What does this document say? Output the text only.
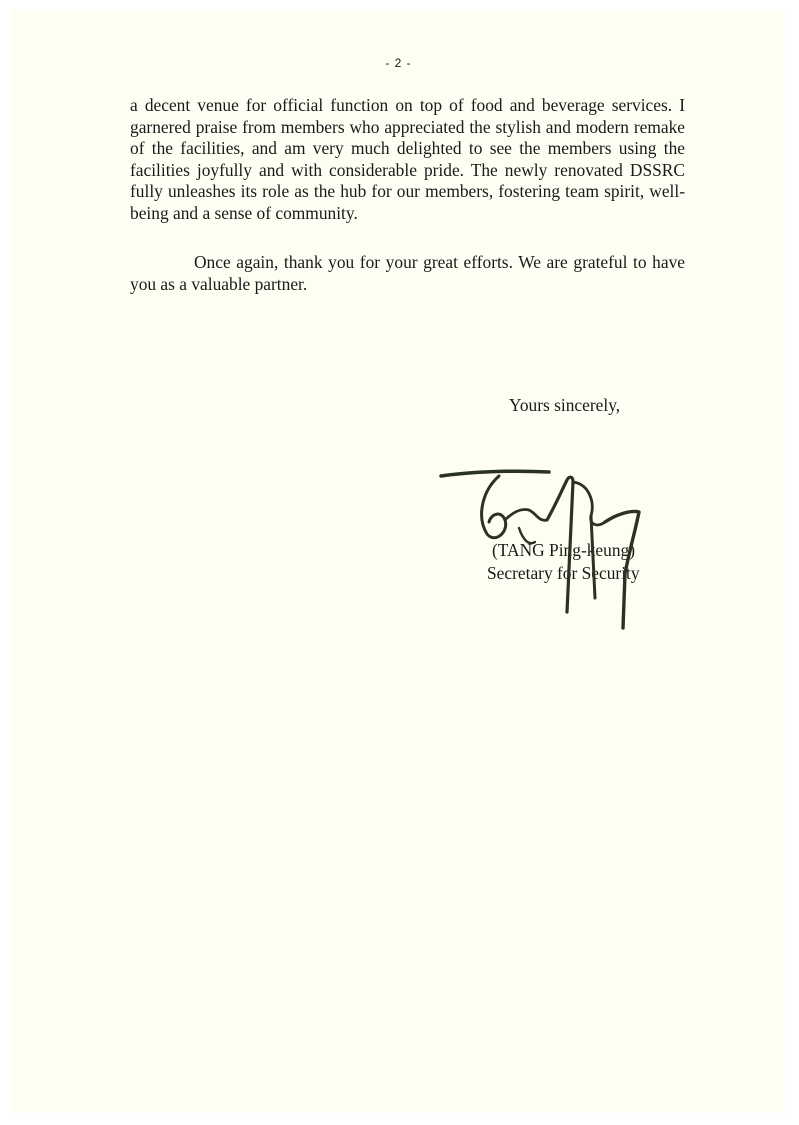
- 2 -

a decent venue for official function on top of food and beverage services. I garnered praise from members who appreciated the stylish and modern remake of the facilities, and am very much delighted to see the members using the facilities joyfully and with considerable pride. The newly renovated DSSRC fully unleashes its role as the hub for our members, fostering team spirit, well-being and a sense of community.

Once again, thank you for your great efforts. We are grateful to have you as a valuable partner.

Yours sincerely,
(TANG Ping-keung)
Secretary for Security
